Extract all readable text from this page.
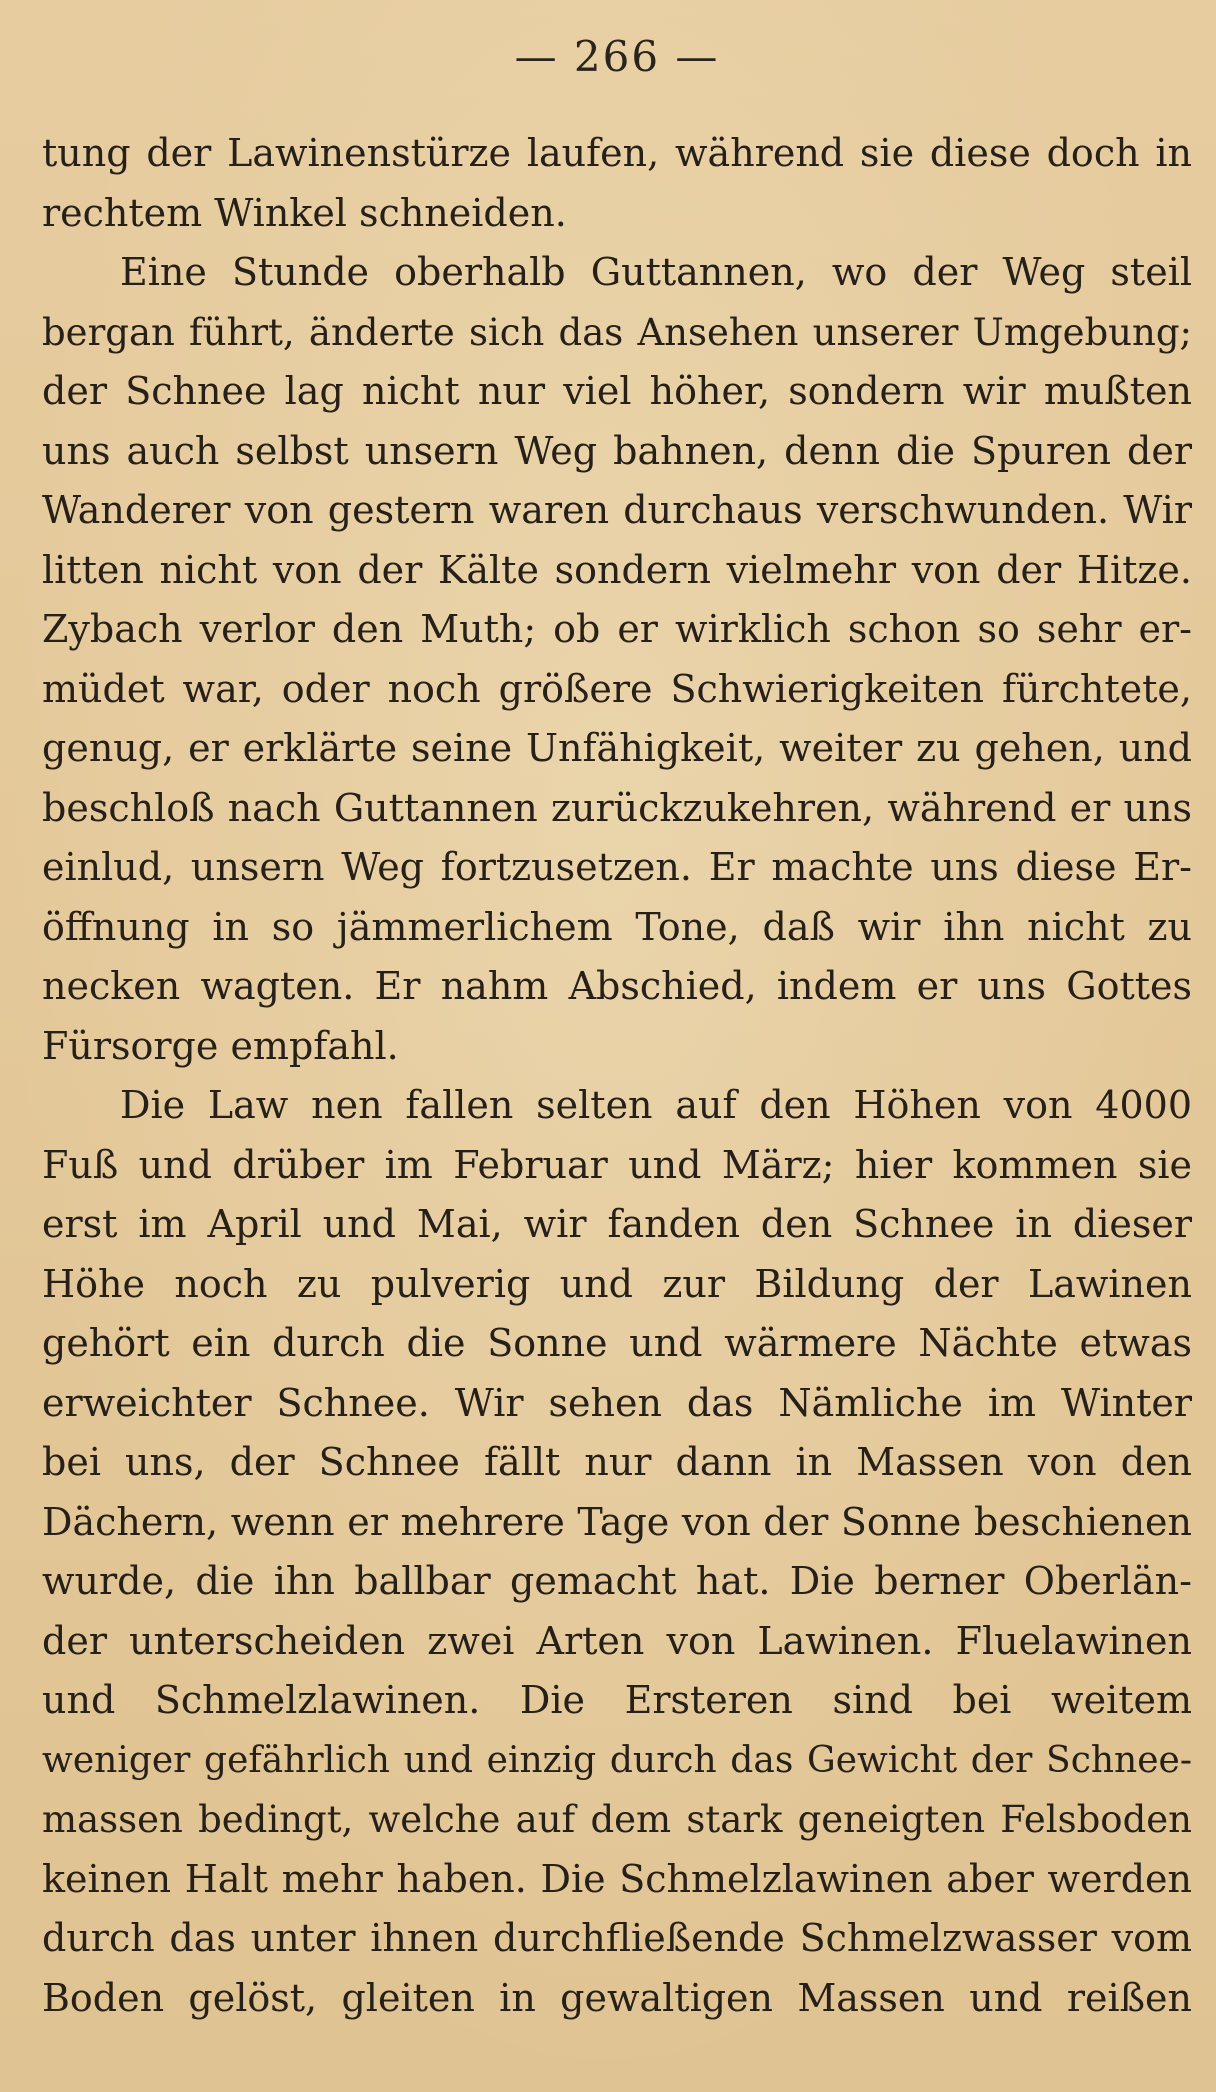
— 266 —
tung der Lawinenstürze laufen, während sie diese doch in
rechtem Winkel schneiden.
Eine Stunde oberhalb Guttannen, wo der Weg steil
bergan führt, änderte sich das Ansehen unserer Umgebung;
der Schnee lag nicht nur viel höher, sondern wir mußten
uns auch selbst unsern Weg bahnen, denn die Spuren der
Wanderer von gestern waren durchaus verschwunden. Wir
litten nicht von der Kälte sondern vielmehr von der Hitze.
Zybach verlor den Muth; ob er wirklich schon so sehr er-
müdet war, oder noch größere Schwierigkeiten fürchtete,
genug, er erklärte seine Unfähigkeit, weiter zu gehen, und
beschloß nach Guttannen zurückzukehren, während er uns
einlud, unsern Weg fortzusetzen. Er machte uns diese Er-
öffnung in so jämmerlichem Tone, daß wir ihn nicht zu
necken wagten. Er nahm Abschied, indem er uns Gottes
Fürsorge empfahl.
Die Law nen fallen selten auf den Höhen von 4000
Fuß und drüber im Februar und März; hier kommen sie
erst im April und Mai, wir fanden den Schnee in dieser
Höhe noch zu pulverig und zur Bildung der Lawinen
gehört ein durch die Sonne und wärmere Nächte etwas
erweichter Schnee. Wir sehen das Nämliche im Winter
bei uns, der Schnee fällt nur dann in Massen von den
Dächern, wenn er mehrere Tage von der Sonne beschienen
wurde, die ihn ballbar gemacht hat. Die berner Oberlän-
der unterscheiden zwei Arten von Lawinen. Fluelawinen
und Schmelzlawinen. Die Ersteren sind bei weitem
weniger gefährlich und einzig durch das Gewicht der Schnee-
massen bedingt, welche auf dem stark geneigten Felsboden
keinen Halt mehr haben. Die Schmelzlawinen aber werden
durch das unter ihnen durchfließende Schmelzwasser vom
Boden gelöst, gleiten in gewaltigen Massen und reißen
